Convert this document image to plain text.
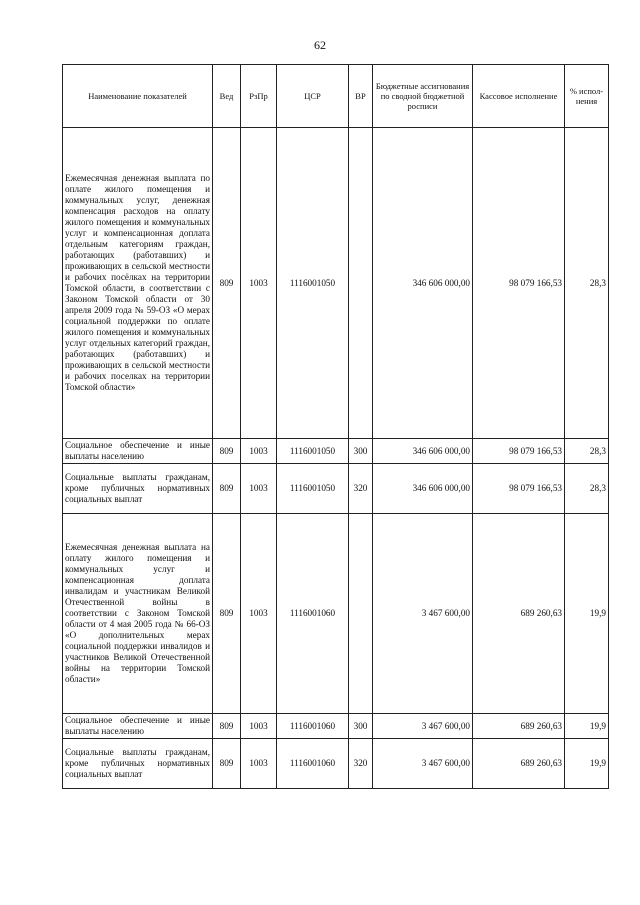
62
Наименование показателей	Вед	РзПр	ЦСР	ВР	Бюджетные ассигнования по сводной бюджетной росписи	Кассовое исполнение	% испол-нения
Ежемесячная денежная выплата по оплате жилого помещения и коммунальных услуг, денежная компенсация расходов на оплату жилого помещения и коммунальных услуг и компенсационная доплата отдельным категориям граждан, работающих (работавших) и проживающих в сельской местности и рабочих посёлках на территории Томской области, в соответствии с Законом Томской области от 30 апреля 2009 года № 59-ОЗ «О мерах социальной поддержки по оплате жилого помещения и коммунальных услуг отдельных категорий граждан, работающих (работавших) и проживающих в сельской местности и рабочих поселках на территории Томской области»	809	1003	1116001050		346 606 000,00	98 079 166,53	28,3
Социальное обеспечение и иные выплаты населению	809	1003	1116001050	300	346 606 000,00	98 079 166,53	28,3
Социальные выплаты гражданам, кроме публичных нормативных социальных выплат	809	1003	1116001050	320	346 606 000,00	98 079 166,53	28,3
Ежемесячная денежная выплата на оплату жилого помещения и коммунальных услуг и компенсационная доплата инвалидам и участникам Великой Отечественной войны в соответствии с Законом Томской области от 4 мая 2005 года № 66-ОЗ «О дополнительных мерах социальной поддержки инвалидов и участников Великой Отечественной войны на территории Томской области»	809	1003	1116001060		3 467 600,00	689 260,63	19,9
Социальное обеспечение и иные выплаты населению	809	1003	1116001060	300	3 467 600,00	689 260,63	19,9
Социальные выплаты гражданам, кроме публичных нормативных социальных выплат	809	1003	1116001060	320	3 467 600,00	689 260,63	19,9
